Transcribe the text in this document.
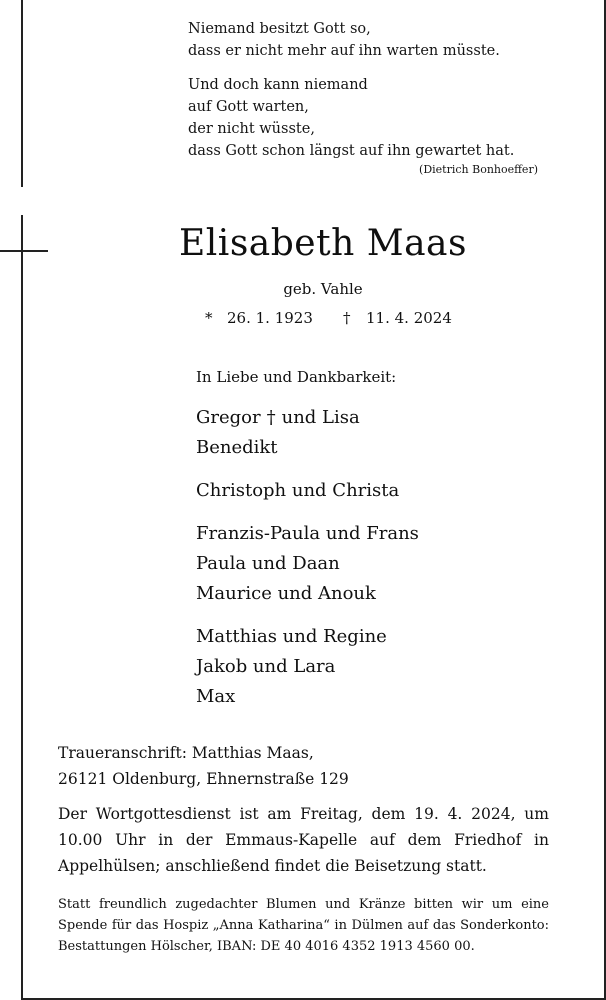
Niemand besitzt Gott so,
dass er nicht mehr auf ihn warten müsste.

Und doch kann niemand
auf Gott warten,
der nicht wüsste,
dass Gott schon längst auf ihn gewartet hat.

(Dietrich Bonhoeffer)
Elisabeth Maas
geb. Vahle
* 26. 1. 1923 † 11. 4. 2024
In Liebe und Dankbarkeit:
Gregor † und Lisa
Benedikt
Christoph und Christa
Franzis-Paula und Frans
Paula und Daan
Maurice und Anouk
Matthias und Regine
Jakob und Lara
Max
Traueranschrift: Matthias Maas,
26121 Oldenburg, Ehnernstraße 129
Der Wortgottesdienst ist am Freitag, dem 19. 4. 2024, um 10.00 Uhr in der Emmaus-Kapelle auf dem Friedhof in Appelhülsen; anschließend findet die Beisetzung statt.
Statt freundlich zugedachter Blumen und Kränze bitten wir um eine Spende für das Hospiz „Anna Katharina“ in Dülmen auf das Sonderkonto: Bestattungen Hölscher, IBAN: DE 40 4016 4352 1913 4560 00.
